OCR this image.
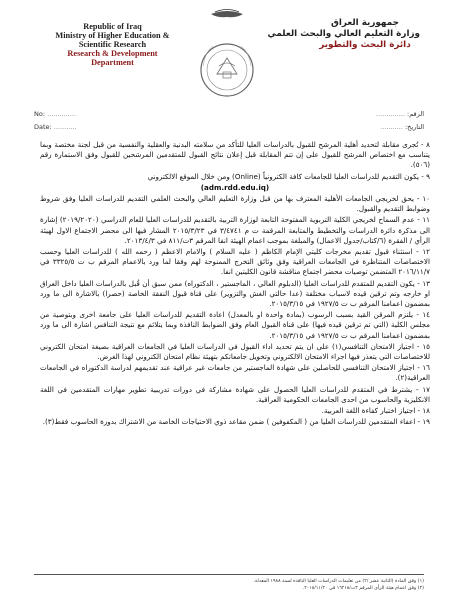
Republic of Iraq
Ministry of Higher Education &
Scientific Research
Research & Development
Department
جمهورية العراق
وزارة التعليم العالي والبحث العلمي
دائرة البحث والتطوير
No: ..............
Date: ...........
الرقم: ..............
التاريخ: ...........

٨ - تُجرى مقابلة لتحديد أهلية المرشح للقبول بالدراسات العليا للتأكد من سلامته البدنية والعقلية والنفسية من قبل لجنة مختصة وبما يتناسب مع اختصاص المرشح للقبول على إن تتم المقابلة قبل إعلان نتائج القبول للمتقدمين المرشحين للقبول وفق الاستمارة رقم (٥٠٦).

٩ - يكون التقديم للدراسات العليا للجامعات كافة الكترونياً (Online) ومن خلال الموقع الالكتروني

(adm.rdd.edu.iq)

١٠ - يحق لخريجي الجامعات الأهلية المعترف بها من قبل وزارة التعليم العالي والبحث العلمي التقديم للدراسات العليا وفق شروط وضوابط التقديم والقبول.

١١ - عدم السماح لخريجي الكلية التربوية المفتوحة التابعة لوزارة التربية بالتقديم للدراسات العليا للعام الدراسي (٢٠١٩/٢٠٢٠) إشارة الى مذكرة دائرة الدراسات والتخطيط والمتابعة المرقمة ت م ٣/٤٧٤١ في ٢٠١٥/٣/٢٣ المشار فيها الى محضر الاجتماع الاول لهيئة الرأي / الفقرة (٦/كتاب/جدول الاعمال) والمبلغة بموجب اعمام الهيئة انفا المرقم ٣ت/٨١١ في ٢٠١٣/٤/٣.

١٢ - استثناء قبول تقديم مخرجات كليتي الإمام الكاظم ( عليه السلام ) والامام الاعظم ( رحمه الله ) للدراسات العليا وحسب الاختصاصات المتناظرة في الجامعات العراقية وفق وثائق التخرج الممنوحة لهم وفقا لما ورد بالاعمام المرقم ب ت ٣٣٢٥/٥ في ٢٠١٦/١١/٧ المتضمن توصيات محضر اجتماع مناقشة قانون الكليتين انفا.

١٣ - يكون التقديم للمتقدم للدراسات العليا (الدبلوم العالي ، الماجستير ، الدكتوراه) ممن سبق أن قُبل بالدراسات العليا داخل العراق او خارجه وتم ترقين قيده لاسباب مختلفة (عدا حالتي الغش والتزوير) على قناة قبول النفقة الخاصة (حصرا) بالاشارة الى ما ورد بمضمون اعمامنا المرقم ب ت ١٩٢٧/٥ في ٢٠١٥/٣/١٥.

١٤ - يلتزم المرقن القيد بسبب الرسوب (بمادة واحدة او بالمعدل) اعادة التقديم للدراسات العليا على جامعة اخرى وبتوصية من مجلس الكلية (التي تم ترقين قيده فيها) على قناة القبول العام وفق الضوابط النافذة وبما يتلائم مع نتيجة التنافس اشارة الى ما ورد بمضمون اعمامنا المرقم ب ت ١٩٢٧/٥ في ٢٠١٥/٣/١٥.

١٥ - اجتياز الامتحان التنافسي(١) على ان يتم تحديد اداء القبول في الدراسات العليا في الجامعات العراقية بصيغة امتحان الكتروني للاختصاصات التي يتعذر فيها اجراء الامتحان الالكتروني وتخويل جامعاتكم بتهيئة نظام امتحان الكتروني لهذا الغرض.

١٦ - اجتياز الامتحان التنافسي للحاصلين على شهادة الماجستير من جامعات غير عراقية عند تقديمهم لدراسة الدكتوراه في الجامعات العراقية(٢).

١٧ - يشترط في المتقدم للدراسات العليا الحصول على شهادة مشاركة في دورات تدريبية تطوير مهارات المتقدمين في اللغة الانكليزية والحاسوب من احدى الجامعات الحكومية العراقية.

١٨ - اجتياز اختبار كفاءة اللغة العربية.

١٩ - اعفاء المتقدمين للدراسات العليا من ( المكفوفين ) ضمن مقاعد ذوي الاحتياجات الخاصة من الاشتراك بدورة الحاسوب فقط(٣).

(١) وفق المادة (الثانية عشر /٢) من تعليمات الدراسات العليا النافذة لسنة ١٩٨٨ المعدلة.

(٢) وفق اعمام هيئة الرأي المرقم ٣ت/١٦٢١٨ في ٢٠١٨/١١/٢٠.
